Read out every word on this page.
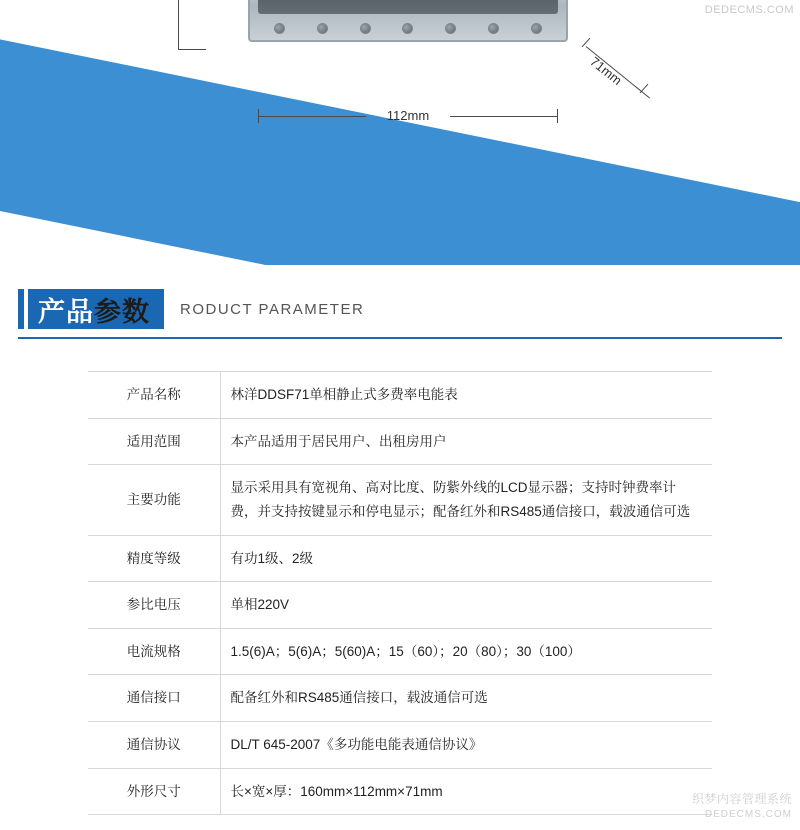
112mm
71mm
DEDECMS.COM
产品参数 RODUCT PARAMETER
产品名称	林洋DDSF71单相静止式多费率电能表
适用范围	本产品适用于居民用户、出租房用户
主要功能	显示采用具有宽视角、高对比度、防紫外线的LCD显示器；支持时钟费率计费，并支持按键显示和停电显示；配备红外和RS485通信接口，载波通信可选
精度等级	有功1级、2级
参比电压	单相220V
电流规格	1.5(6)A；5(6)A；5(60)A；15（60）；20（80）；30（100）
通信接口	配备红外和RS485通信接口，载波通信可选
通信协议	DL/T 645-2007《多功能电能表通信协议》
外形尺寸	长×宽×厚：160mm×112mm×71mm
织梦内容管理系统
DEDECMS.COM
